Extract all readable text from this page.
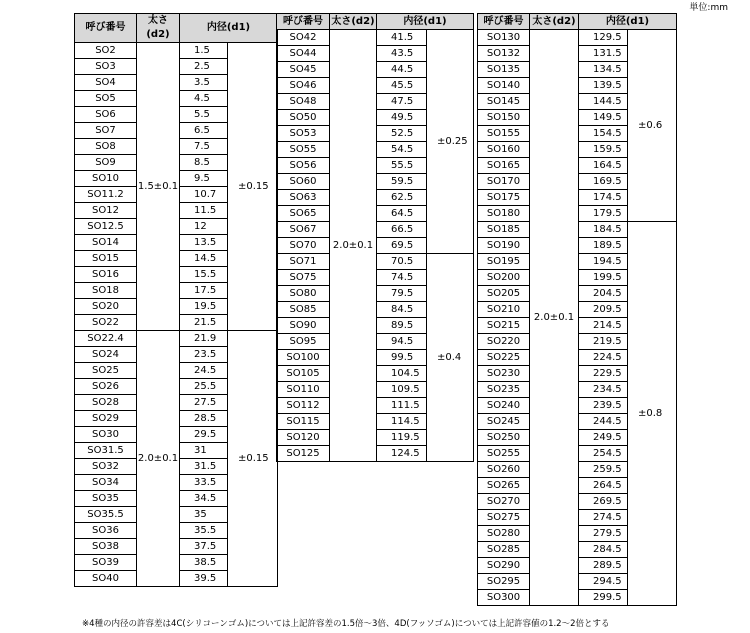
単位:mm
呼び番号	太さ(d2)	内径(d1)	
SO2	1.5±0.1	1.5	±0.15
SO3		2.5	
SO4		3.5	
SO5		4.5	
SO6		5.5	
SO7		6.5	
SO8		7.5	
SO9		8.5	
SO10		9.5	
SO11.2		10.7	
SO12		11.5	
SO12.5		12	
SO14		13.5	
SO15		14.5	
SO16		15.5	
SO18		17.5	
SO20		19.5	
SO22		21.5	
SO22.4	2.0±0.1	21.9	±0.15
SO24		23.5	
SO25		24.5	
SO26		25.5	
SO28		27.5	
SO29		28.5	
SO30		29.5	
SO31.5		31	
SO32		31.5	
SO34		33.5	
SO35		34.5	
SO35.5		35	
SO36		35.5	
SO38		37.5	
SO39		38.5	
SO40		39.5	
呼び番号	太さ(d2)	内径(d1)	
SO42	2.0±0.1	41.5	±0.25
SO44		43.5	
SO45		44.5	
SO46		45.5	
SO48		47.5	
SO50		49.5	
SO53		52.5	
SO55		54.5	
SO56		55.5	
SO60		59.5	
SO63		62.5	
SO65		64.5	
SO67		66.5	
SO70		69.5	
SO71		70.5	±0.4
SO75		74.5	
SO80		79.5	
SO85		84.5	
SO90		89.5	
SO95		94.5	
SO100		99.5	
SO105		104.5	
SO110		109.5	
SO112		111.5	
SO115		114.5	
SO120		119.5	
SO125		124.5	
呼び番号	太さ(d2)	内径(d1)	
SO130	2.0±0.1	129.5	±0.6
SO132		131.5	
SO135		134.5	
SO140		139.5	
SO145		144.5	
SO150		149.5	
SO155		154.5	
SO160		159.5	
SO165		164.5	
SO170		169.5	
SO175		174.5	
SO180		179.5	
SO185		184.5	±0.8
SO190		189.5	
SO195		194.5	
SO200		199.5	
SO205		204.5	
SO210		209.5	
SO215		214.5	
SO220		219.5	
SO225		224.5	
SO230		229.5	
SO235		234.5	
SO240		239.5	
SO245		244.5	
SO250		249.5	
SO255		254.5	
SO260		259.5	
SO265		264.5	
SO270		269.5	
SO275		274.5	
SO280		279.5	
SO285		284.5	
SO290		289.5	
SO295		294.5	
SO300		299.5	
※4種の内径の許容差は4C(シリコーンゴム)については上記許容差の1.5倍～3倍、4D(フッソゴム)については上記許容値の1.2～2倍とする
